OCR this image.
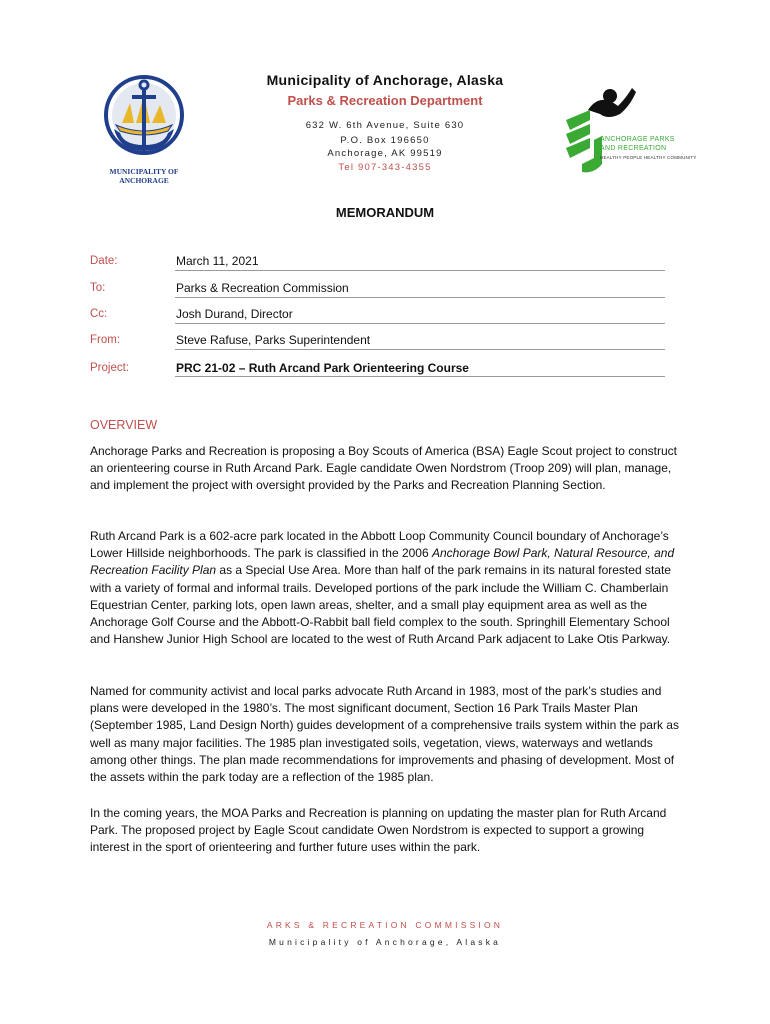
MUNICIPALITY OF
ANCHORAGE
Municipality of Anchorage, Alaska
Parks & Recreation Department
632 W. 6th Avenue, Suite 630
P.O. Box 196650
Anchorage, AK 99519
Tel 907-343-4355
ANCHORAGE PARKS
AND RECREATION
HEALTHY PEOPLE HEALTHY COMMUNITY
MEMORANDUM
Date:	March 11, 2021
To:	Parks & Recreation Commission
Cc:	Josh Durand, Director
From:	Steve Rafuse, Parks Superintendent
Project:	PRC 21-02 – Ruth Arcand Park Orienteering Course
OVERVIEW
Anchorage Parks and Recreation is proposing a Boy Scouts of America (BSA) Eagle Scout project to construct an orienteering course in Ruth Arcand Park. Eagle candidate Owen Nordstrom (Troop 209) will plan, manage, and implement the project with oversight provided by the Parks and Recreation Planning Section.
Ruth Arcand Park is a 602-acre park located in the Abbott Loop Community Council boundary of Anchorage’s Lower Hillside neighborhoods. The park is classified in the 2006 Anchorage Bowl Park, Natural Resource, and Recreation Facility Plan as a Special Use Area. More than half of the park remains in its natural forested state with a variety of formal and informal trails. Developed portions of the park include the William C. Chamberlain Equestrian Center, parking lots, open lawn areas, shelter, and a small play equipment area as well as the Anchorage Golf Course and the Abbott-O-Rabbit ball field complex to the south. Springhill Elementary School and Hanshew Junior High School are located to the west of Ruth Arcand Park adjacent to Lake Otis Parkway.
Named for community activist and local parks advocate Ruth Arcand in 1983, most of the park’s studies and plans were developed in the 1980’s. The most significant document, Section 16 Park Trails Master Plan (September 1985, Land Design North) guides development of a comprehensive trails system within the park as well as many major facilities. The 1985 plan investigated soils, vegetation, views, waterways and wetlands among other things. The plan made recommendations for improvements and phasing of development. Most of the assets within the park today are a reflection of the 1985 plan.
In the coming years, the MOA Parks and Recreation is planning on updating the master plan for Ruth Arcand Park. The proposed project by Eagle Scout candidate Owen Nordstrom is expected to support a growing interest in the sport of orienteering and further future uses within the park.
ARKS & RECREATION COMMISSION
Municipality of Anchorage, Alaska
